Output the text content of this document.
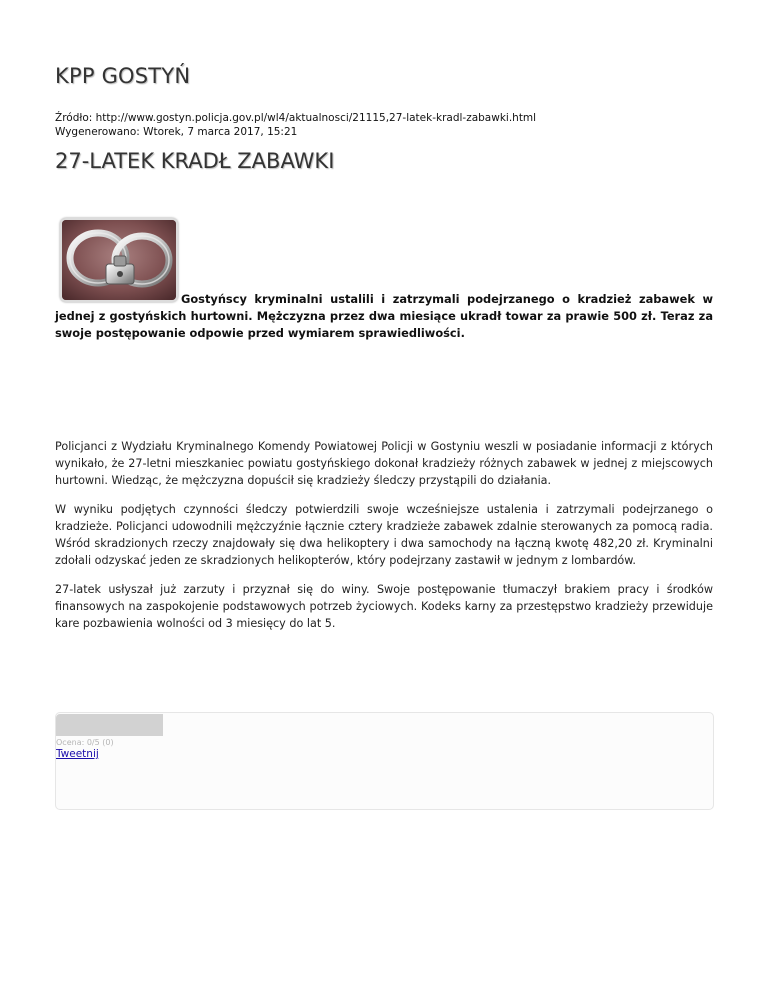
KPP GOSTYŃ
Źródło: http://www.gostyn.policja.gov.pl/wl4/aktualnosci/21115,27-latek-kradl-zabawki.html
Wygenerowano: Wtorek, 7 marca 2017, 15:21
27-LATEK KRADŁ ZABAWKI

Gostyńscy kryminalni ustalili i zatrzymali podejrzanego o kradzież zabawek w jednej z gostyńskich hurtowni. Mężczyzna przez dwa miesiące ukradł towar za prawie 500 zł. Teraz za swoje postępowanie odpowie przed wymiarem sprawiedliwości.

Policjanci z Wydziału Kryminalnego Komendy Powiatowej Policji w Gostyniu weszli w posiadanie informacji z których wynikało, że 27-letni mieszkaniec powiatu gostyńskiego dokonał kradzieży różnych zabawek w jednej z miejscowych hurtowni. Wiedząc, że mężczyzna dopuścił się kradzieży śledczy przystąpili do działania.

W wyniku podjętych czynności śledczy potwierdzili swoje wcześniejsze ustalenia i zatrzymali podejrzanego o kradzieże. Policjanci udowodnili mężczyźnie łącznie cztery kradzieże zabawek zdalnie sterowanych za pomocą radia. Wśród skradzionych rzeczy znajdowały się dwa helikoptery i dwa samochody na łączną kwotę 482,20 zł. Kryminalni zdołali odzyskać jeden ze skradzionych helikopterów, który podejrzany zastawił w jednym z lombardów.

27-latek usłyszał już zarzuty i przyznał się do winy. Swoje postępowanie tłumaczył brakiem pracy i środków finansowych na zaspokojenie podstawowych potrzeb życiowych. Kodeks karny za przestępstwo kradzieży przewiduje kare pozbawienia wolności od 3 miesięcy do lat 5.

Ocena: 0/5 (0)
Tweetnij
